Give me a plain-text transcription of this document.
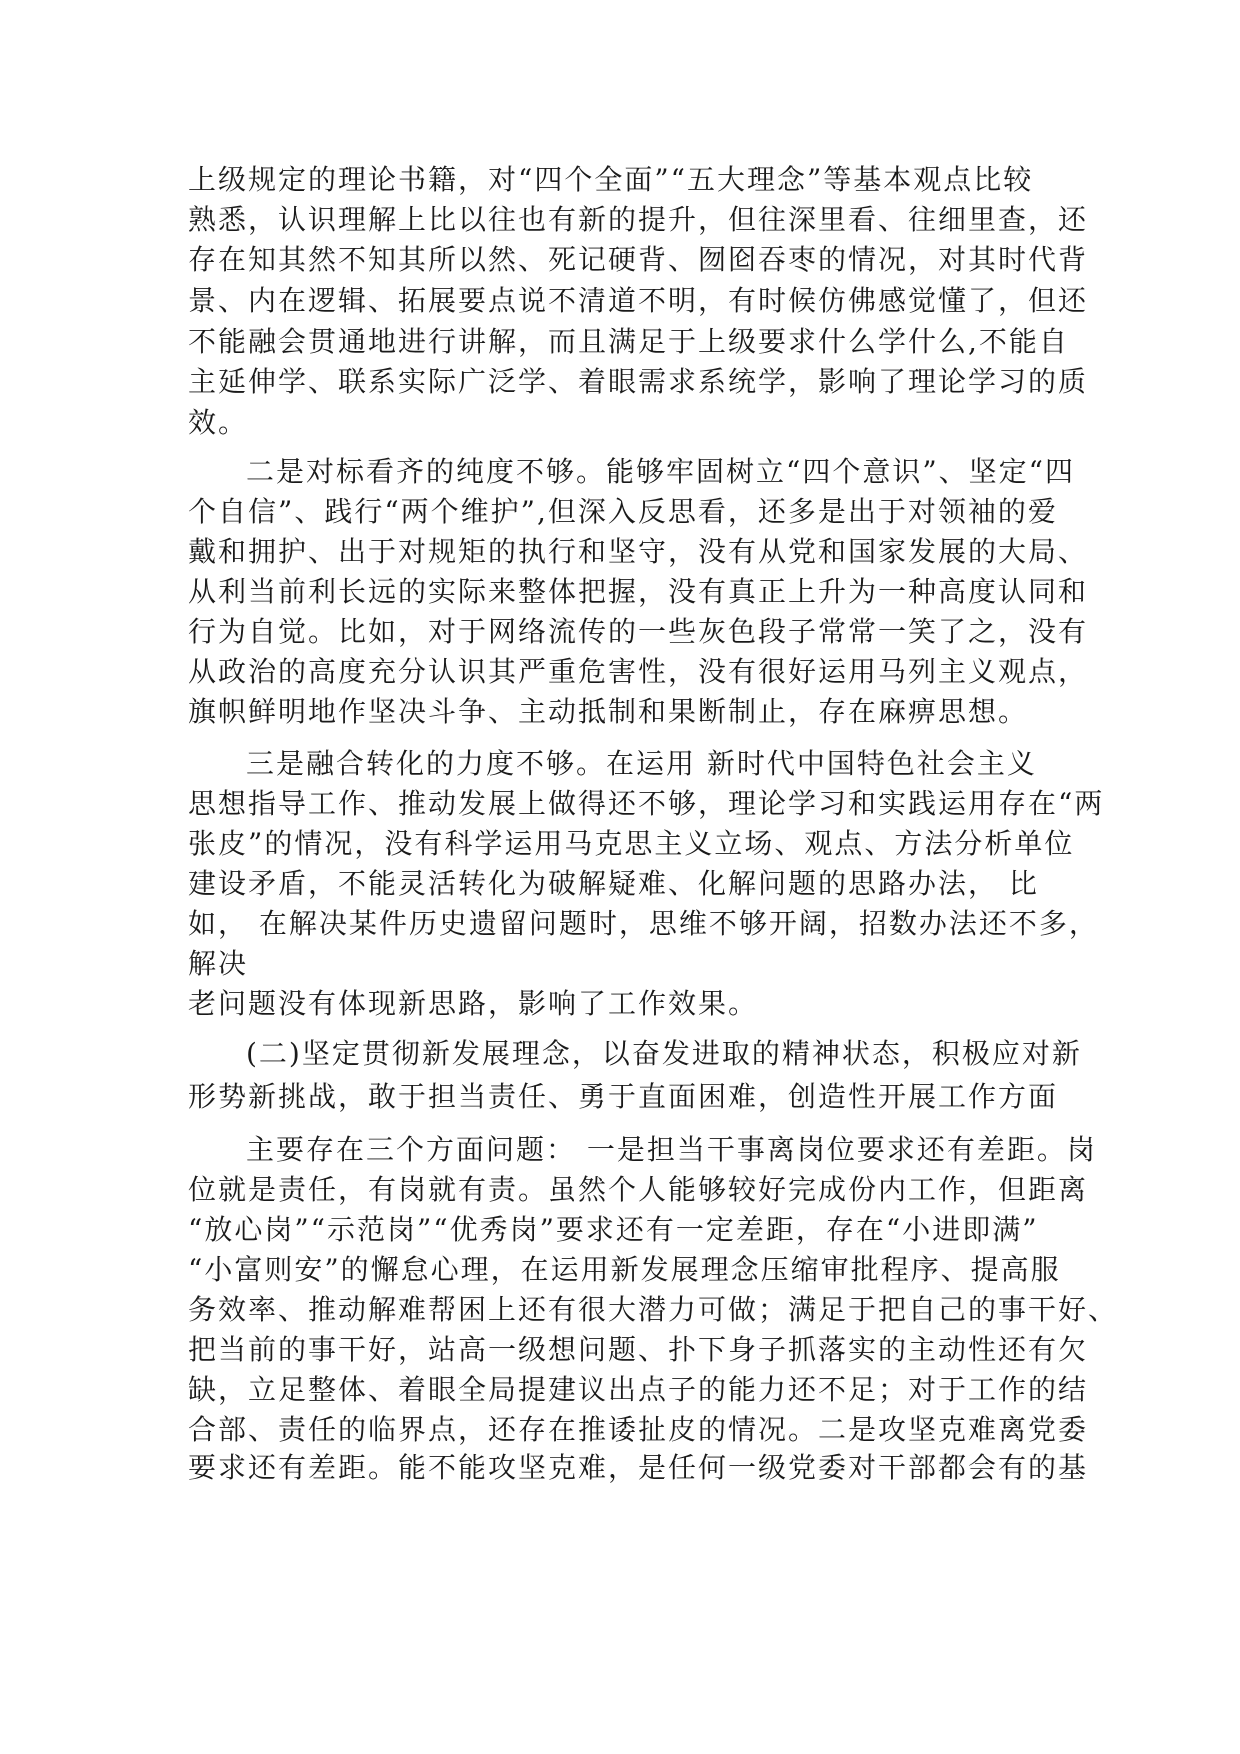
上级规定的理论书籍，对“四个全面”“五大理念”等基本观点比较
熟悉，认识理解上比以往也有新的提升，但往深里看、往细里查，还
存在知其然不知其所以然、死记硬背、囫囵吞枣的情况，对其时代背
景、内在逻辑、拓展要点说不清道不明，有时候仿佛感觉懂了，但还
不能融会贯通地进行讲解，而且满足于上级要求什么学什么,不能自
主延伸学、联系实际广泛学、着眼需求系统学，影响了理论学习的质
效。
二是对标看齐的纯度不够。能够牢固树立“四个意识”、坚定“四
个自信”、践行“两个维护”,但深入反思看，还多是出于对领袖的爱
戴和拥护、出于对规矩的执行和坚守，没有从党和国家发展的大局、
从利当前利长远的实际来整体把握，没有真正上升为一种高度认同和
行为自觉。比如，对于网络流传的一些灰色段子常常一笑了之，没有
从政治的高度充分认识其严重危害性，没有很好运用马列主义观点，
旗帜鲜明地作坚决斗争、主动抵制和果断制止，存在麻痹思想。
三是融合转化的力度不够。在运用 新时代中国特色社会主义
思想指导工作、推动发展上做得还不够，理论学习和实践运用存在“两
张皮”的情况，没有科学运用马克思主义立场、观点、方法分析单位
建设矛盾，不能灵活转化为破解疑难、化解问题的思路办法， 比
如， 在解决某件历史遗留问题时，思维不够开阔，招数办法还不多，
解决
老问题没有体现新思路，影响了工作效果。
(二)坚定贯彻新发展理念，以奋发进取的精神状态，积极应对新
形势新挑战，敢于担当责任、勇于直面困难，创造性开展工作方面
主要存在三个方面问题： 一是担当干事离岗位要求还有差距。岗
位就是责任，有岗就有责。虽然个人能够较好完成份内工作，但距离
“放心岗”“示范岗”“优秀岗”要求还有一定差距，存在“小进即满”
“小富则安”的懈怠心理，在运用新发展理念压缩审批程序、提高服
务效率、推动解难帮困上还有很大潜力可做；满足于把自己的事干好、
把当前的事干好，站高一级想问题、扑下身子抓落实的主动性还有欠
缺，立足整体、着眼全局提建议出点子的能力还不足；对于工作的结
合部、责任的临界点，还存在推诿扯皮的情况。二是攻坚克难离党委
要求还有差距。能不能攻坚克难，是任何一级党委对干部都会有的基
